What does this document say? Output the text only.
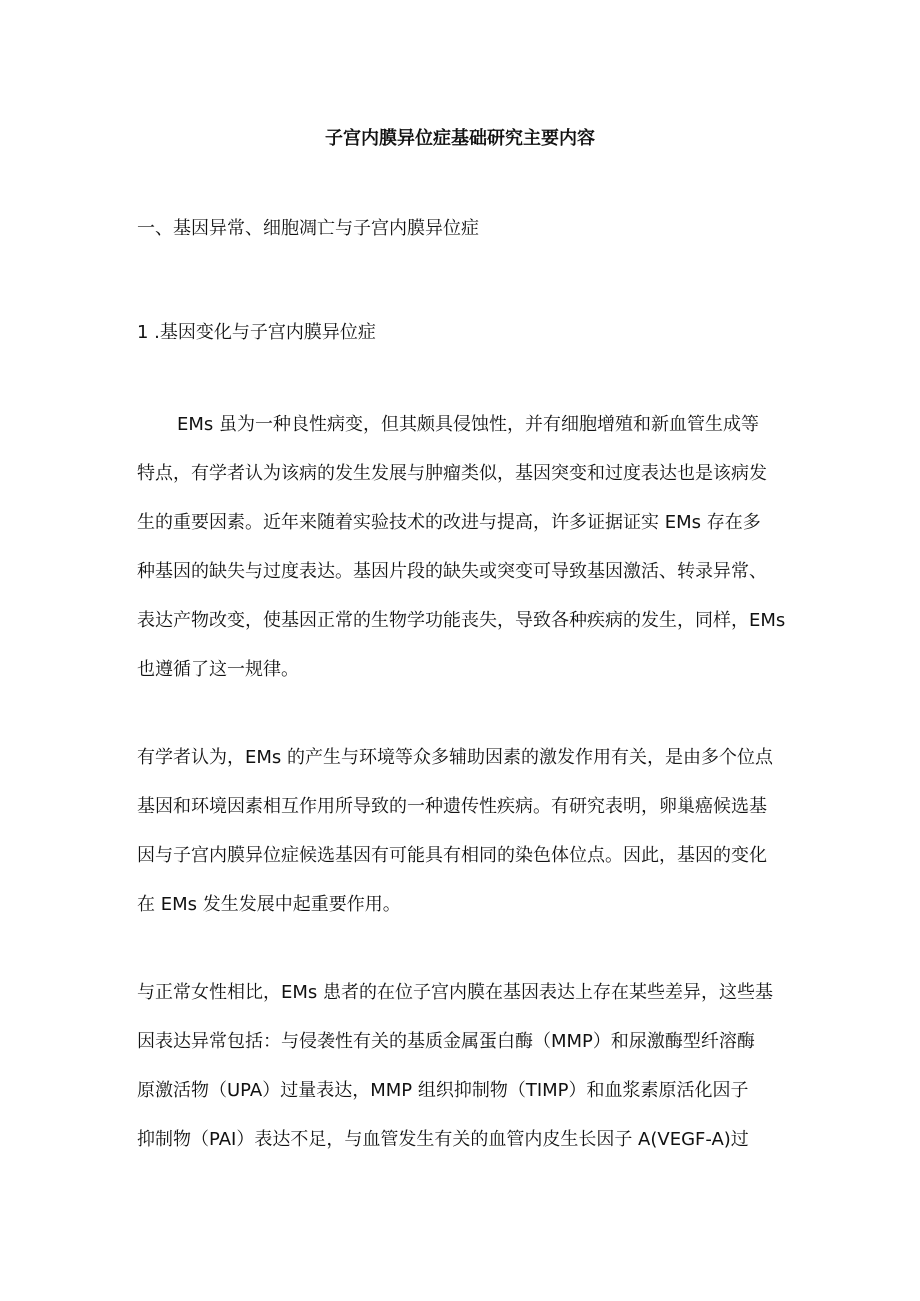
子宫内膜异位症基础研究主要内容
一、基因异常、细胞凋亡与子宫内膜异位症
1 .基因变化与子宫内膜异位症

EMs 虽为一种良性病变，但其颇具侵蚀性，并有细胞增殖和新血管生成等
特点，有学者认为该病的发生发展与肿瘤类似，基因突变和过度表达也是该病发
生的重要因素。近年来随着实验技术的改进与提高，许多证据证实 EMs 存在多
种基因的缺失与过度表达。基因片段的缺失或突变可导致基因激活、转录异常、
表达产物改变，使基因正常的生物学功能丧失，导致各种疾病的发生，同样，EMs
也遵循了这一规律。

有学者认为，EMs 的产生与环境等众多辅助因素的激发作用有关，是由多个位点
基因和环境因素相互作用所导致的一种遗传性疾病。有研究表明，卵巢癌候选基
因与子宫内膜异位症候选基因有可能具有相同的染色体位点。因此，基因的变化
在 EMs 发生发展中起重要作用。

与正常女性相比，EMs 患者的在位子宫内膜在基因表达上存在某些差异，这些基
因表达异常包括：与侵袭性有关的基质金属蛋白酶（MMP）和尿激酶型纤溶酶
原激活物（UPA）过量表达，MMP 组织抑制物（TIMP）和血浆素原活化因子
抑制物（PAI）表达不足，与血管发生有关的血管内皮生长因子 A(VEGF-A)过
